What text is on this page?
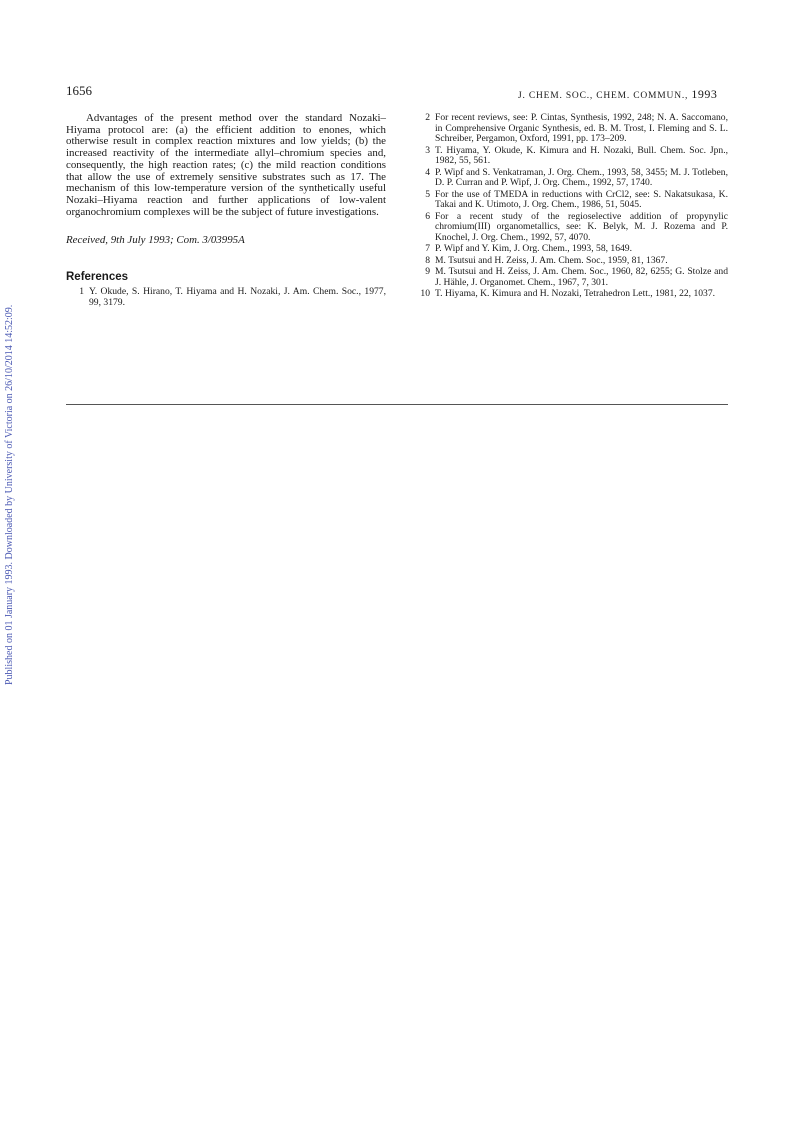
1656	J. CHEM. SOC., CHEM. COMMUN., 1993
Published on 01 January 1993. Downloaded by University of Victoria on 26/10/2014 14:52:09.

Advantages of the present method over the standard Nozaki–Hiyama protocol are: (a) the efficient addition to enones, which otherwise result in complex reaction mixtures and low yields; (b) the increased reactivity of the intermediate allyl–chromium species and, consequently, the high reaction rates; (c) the mild reaction conditions that allow the use of extremely sensitive substrates such as 17. The mechanism of this low-temperature version of the synthetically useful Nozaki–Hiyama reaction and further applications of low-valent organochromium complexes will be the subject of future investigations.

Received, 9th July 1993; Com. 3/03995A

References
1 Y. Okude, S. Hirano, T. Hiyama and H. Nozaki, J. Am. Chem. Soc., 1977, 99, 3179.
2 For recent reviews, see: P. Cintas, Synthesis, 1992, 248; N. A. Saccomano, in Comprehensive Organic Synthesis, ed. B. M. Trost, I. Fleming and S. L. Schreiber, Pergamon, Oxford, 1991, pp. 173–209.
3 T. Hiyama, Y. Okude, K. Kimura and H. Nozaki, Bull. Chem. Soc. Jpn., 1982, 55, 561.
4 P. Wipf and S. Venkatraman, J. Org. Chem., 1993, 58, 3455; M. J. Totleben, D. P. Curran and P. Wipf, J. Org. Chem., 1992, 57, 1740.
5 For the use of TMEDA in reductions with CrCl2, see: S. Nakatsukasa, K. Takai and K. Utimoto, J. Org. Chem., 1986, 51, 5045.
6 For a recent study of the regioselective addition of propynylic chromium(III) organometallics, see: K. Belyk, M. J. Rozema and P. Knochel, J. Org. Chem., 1992, 57, 4070.
7 P. Wipf and Y. Kim, J. Org. Chem., 1993, 58, 1649.
8 M. Tsutsui and H. Zeiss, J. Am. Chem. Soc., 1959, 81, 1367.
9 M. Tsutsui and H. Zeiss, J. Am. Chem. Soc., 1960, 82, 6255; G. Stolze and J. Hähle, J. Organomet. Chem., 1967, 7, 301.
10 T. Hiyama, K. Kimura and H. Nozaki, Tetrahedron Lett., 1981, 22, 1037.
